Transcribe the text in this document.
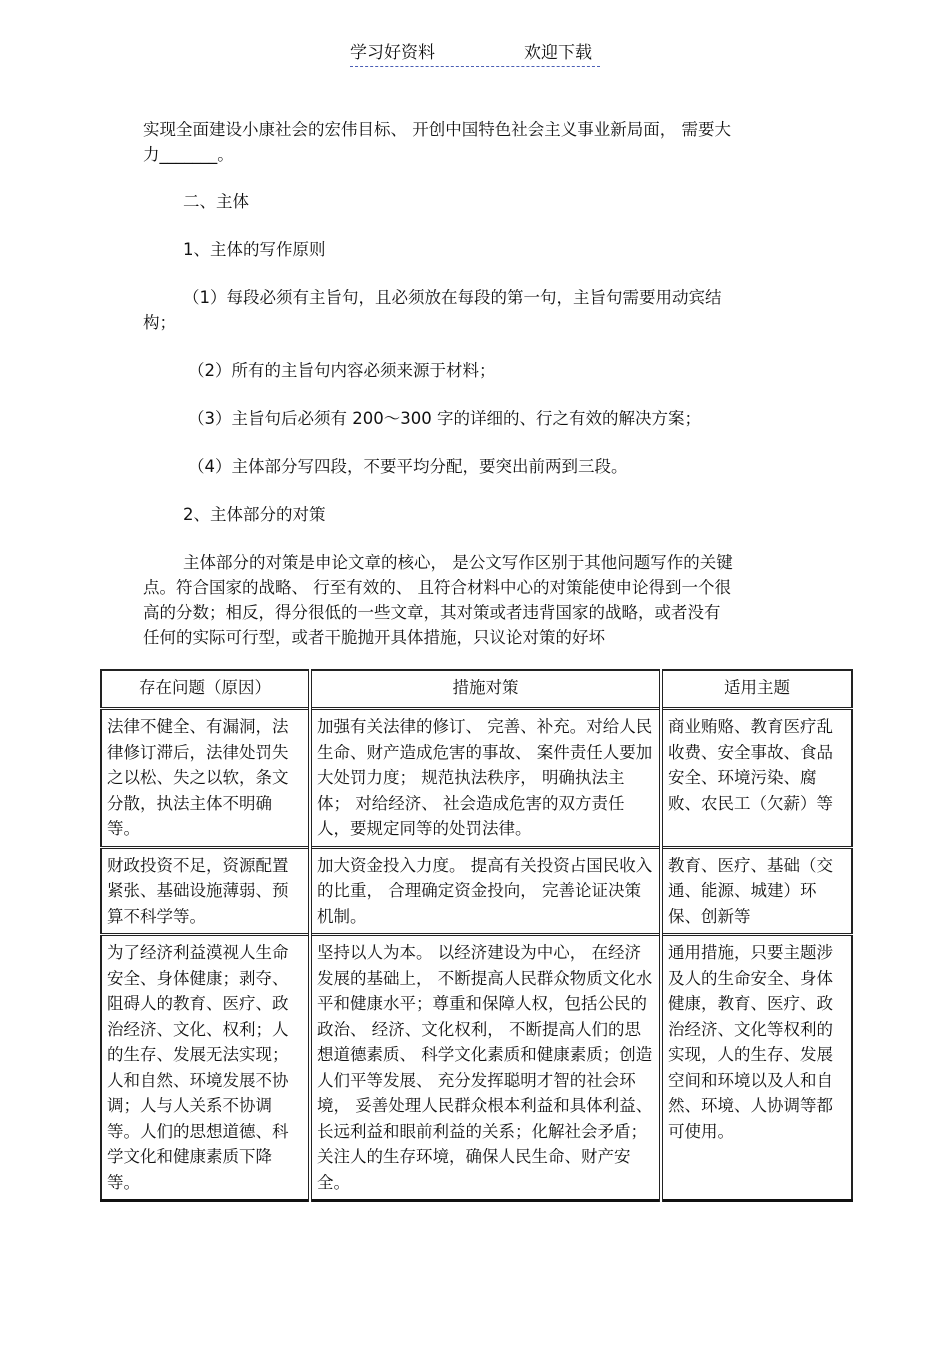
学习好资料	欢迎下载

实现全面建设小康社会的宏伟目标、 开创中国特色社会主义事业新局面， 需要大

力_______。

二、主体

1、主体的写作原则

（1）每段必须有主旨句，且必须放在每段的第一句，主旨句需要用动宾结

构；

（2）所有的主旨句内容必须来源于材料；

（3）主旨句后必须有 200～300 字的详细的、行之有效的解决方案；

（4）主体部分写四段，不要平均分配，要突出前两到三段。

2、主体部分的对策

主体部分的对策是申论文章的核心， 是公文写作区别于其他问题写作的关键

点。符合国家的战略、 行至有效的、 且符合材料中心的对策能使申论得到一个很

高的分数；相反，得分很低的一些文章，其对策或者违背国家的战略，或者没有

任何的实际可行型，或者干脆抛开具体措施，只议论对策的好坏

存在问题（原因）	措施对策	适用主题
法律不健全、有漏洞，法律修订滞后，法律处罚失之以松、失之以软，条文分散，执法主体不明确等。	加强有关法律的修订、 完善、补充。对给人民生命、财产造成危害的事故、 案件责任人要加大处罚力度； 规范执法秩序， 明确执法主体； 对给经济、 社会造成危害的双方责任人，要规定同等的处罚法律。	商业贿赂、教育医疗乱收费、安全事故、食品安全、环境污染、腐败、农民工（欠薪）等
财政投资不足，资源配置紧张、基础设施薄弱、预算不科学等。	加大资金投入力度。 提高有关投资占国民收入的比重， 合理确定资金投向， 完善论证决策机制。	教育、医疗、基础（交通、能源、城建）环保、创新等
为了经济利益漠视人生命安全、身体健康；剥夺、阻碍人的教育、医疗、政治经济、文化、权利；人的生存、发展无法实现；人和自然、环境发展不协调；人与人关系不协调等。人们的思想道德、科学文化和健康素质下降等。	坚持以人为本。 以经济建设为中心， 在经济发展的基础上， 不断提高人民群众物质文化水平和健康水平；尊重和保障人权，包括公民的政治、 经济、文化权利， 不断提高人们的思想道德素质、 科学文化素质和健康素质；创造人们平等发展、 充分发挥聪明才智的社会环境， 妥善处理人民群众根本利益和具体利益、 长远利益和眼前利益的关系；化解社会矛盾；关注人的生存环境，确保人民生命、财产安全。	通用措施，只要主题涉及人的生命安全、身体健康，教育、医疗、政治经济、文化等权利的实现，人的生存、发展空间和环境以及人和自然、环境、人协调等都可使用。
